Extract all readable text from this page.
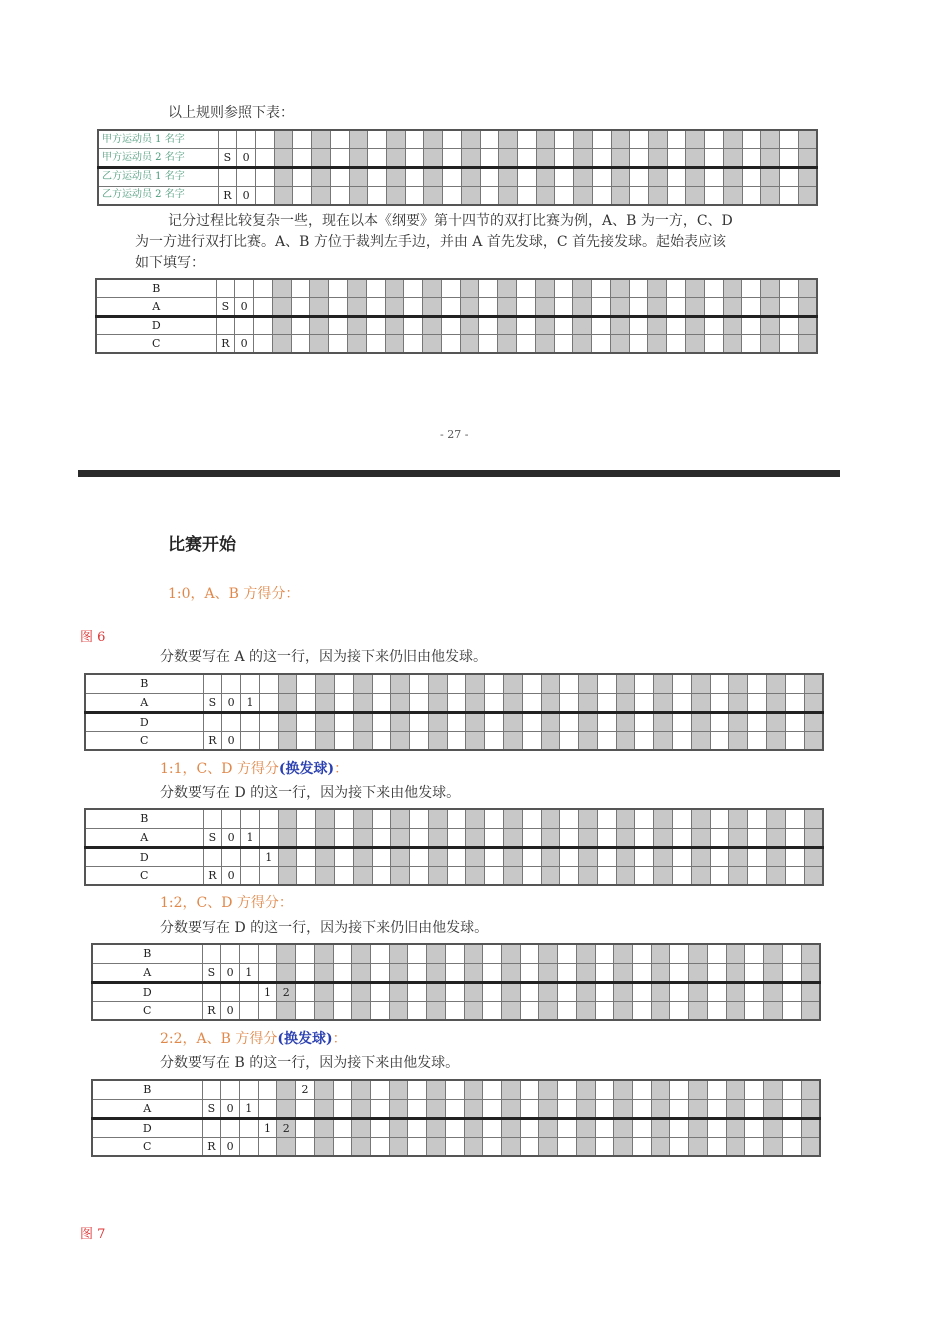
以上规则参照下表：
甲方运动员 1 名字																																
甲方运动员 2 名字	S	0																														
乙方运动员 1 名字																																
乙方运动员 2 名字	R	0																														
记分过程比较复杂一些，现在以本《纲要》第十四节的双打比赛为例，A、B 为一方，C、D
为一方进行双打比赛。A、B 方位于裁判左手边，并由 A 首先发球，C 首先接发球。起始表应该
如下填写：
B																																
A	S	0																														
D																																
C	R	0																														
- 27 -
比赛开始
1:0，A、B 方得分：
图 6
分数要写在 A 的这一行，因为接下来仍旧由他发球。
B																																	
A	S	0	1																														
D																																	
C	R	0																															
1:1，C、D 方得分(换发球)：
分数要写在 D 的这一行，因为接下来由他发球。
B																																	
A	S	0	1																														
D				1																													
C	R	0																															
1:2，C、D 方得分：
分数要写在 D 的这一行，因为接下来仍旧由他发球。
B																																	
A	S	0	1																														
D				1	2																												
C	R	0																															
2:2，A、B 方得分(换发球)：
分数要写在 B 的这一行，因为接下来由他发球。
B						2																											
A	S	0	1																														
D				1	2																												
C	R	0																															
图 7
